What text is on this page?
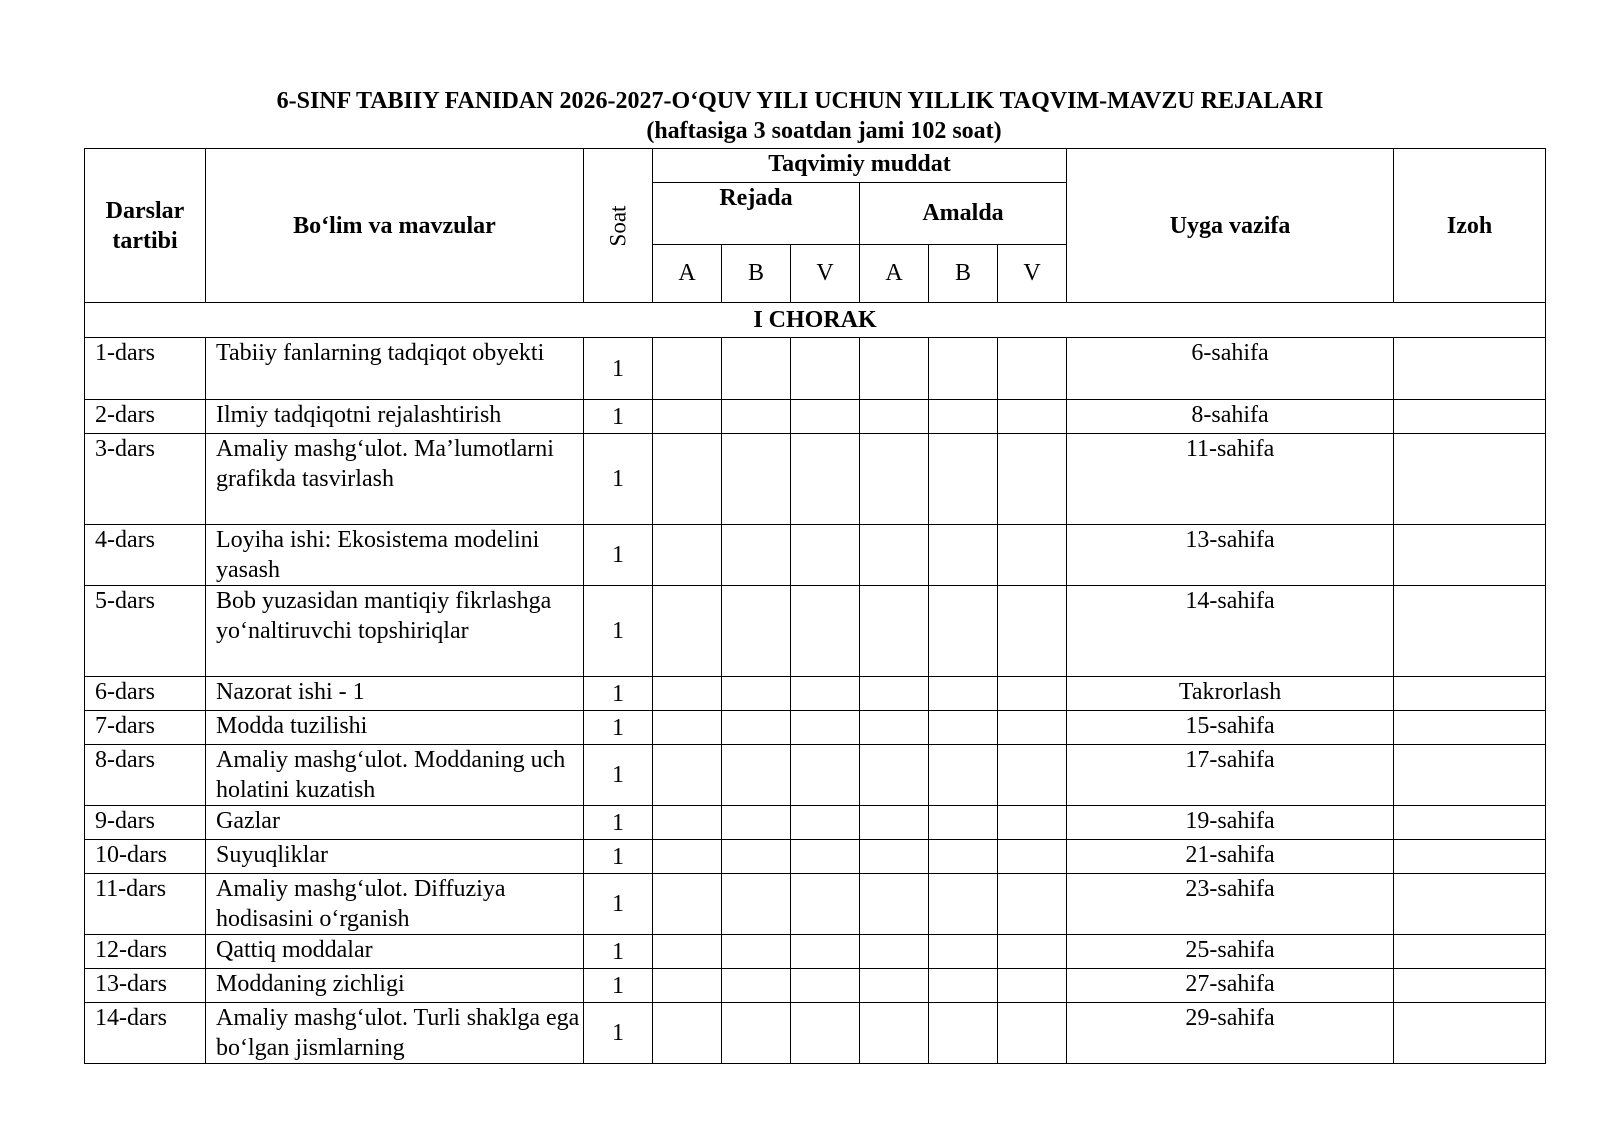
6-SINF TABIIY FANIDAN 2026-2027-O‘QUV YILI UCHUN YILLIK TAQVIM-MAVZU REJALARI
(haftasiga 3 soatdan jami 102 soat)
Darslar tartibi	Bo‘lim va mavzular	Soat	Taqvimiy muddat						Uyga vazifa	Izoh
			Rejada			Amalda				
			A	B	V	A	B	V		
I CHORAK										
1-dars	Tabiiy fanlarning tadqiqot obyekti	1							6-sahifa	
2-dars	Ilmiy tadqiqotni rejalashtirish	1							8-sahifa	
3-dars	Amaliy mashg‘ulot. Ma’lumotlarni grafikda tasvirlash	1							11-sahifa	
4-dars	Loyiha ishi: Ekosistema modelini yasash	1							13-sahifa	
5-dars	Bob yuzasidan mantiqiy fikrlashga yo‘naltiruvchi topshiriqlar	1							14-sahifa	
6-dars	Nazorat ishi - 1	1							Takrorlash	
7-dars	Modda tuzilishi	1							15-sahifa	
8-dars	Amaliy mashg‘ulot. Moddaning uch holatini kuzatish	1							17-sahifa	
9-dars	Gazlar	1							19-sahifa	
10-dars	Suyuqliklar	1							21-sahifa	
11-dars	Amaliy mashg‘ulot. Diffuziya hodisasini o‘rganish	1							23-sahifa	
12-dars	Qattiq moddalar	1							25-sahifa	
13-dars	Moddaning zichligi	1							27-sahifa	
14-dars	Amaliy mashg‘ulot. Turli shaklga ega bo‘lgan jismlarning	1							29-sahifa	
